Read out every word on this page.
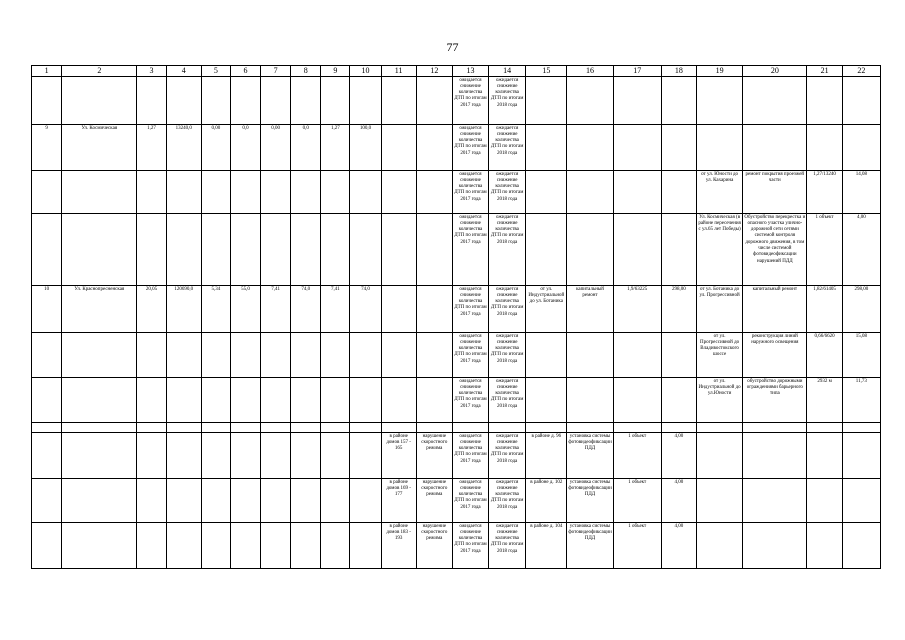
77
1	2	3	4	5	6	7	8	9	10	11	12	13	14	15	16	17	18	19	20	21	22
												ожидается снижение количества ДТП по итогам 2017 года	ожидается снижение количества ДТП по итогам 2018 года								
9	Ул. Космическая	1,27	13240,0	0,00	0,0	0,00	0,0	1,27	100,0			ожидается снижение количества ДТП по итогам 2017 года	ожидается снижение количества ДТП по итогам 2018 года								
												ожидается снижение количества ДТП по итогам 2017 года	ожидается снижение количества ДТП по итогам 2018 года					от ул. Юности до ул. Кахарина	ремонт покрытия проезжей части	1,27/13240	14,08
												ожидается снижение количества ДТП по итогам 2017 года	ожидается снижение количества ДТП по итогам 2018 года					Ул. Космическая (в районе пересечения с ул.65 лет Победы)	Обустройство перекрестка и опасного участка улично-дорожной сети сетями системой контроля дорожного движения, в том числе системой фотовидеофиксации нарушений ПДД	1 объект	4,00
10	Ул. Краснопресненская	20,05	120690,0	5,34	55,0	7,41	74,0	7,41	74,0			ожидается снижение количества ДТП по итогам 2017 года	ожидается снижение количества ДТП по итогам 2018 года	от ул. Индустриальной до ул. Ботаника	капитальный ремонт	1,9/63225	298,00	от ул. Ботаника до ул. Прогрессивной	капитальный ремонт	1,82/61405	298,00
												ожидается снижение количества ДТП по итогам 2017 года	ожидается снижение количества ДТП по итогам 2018 года					от ул. Прогрессивной до Владивостокского шоссе	реконструкция линий наружного освещения	0,66/6620	15,08
												ожидается снижение количества ДТП по итогам 2017 года	ожидается снижение количества ДТП по итогам 2018 года					от ул. Индустриальной до ул.Юности	обустройство дорожными ограждениями барьерного типа	2932 м	11,73

										в районе домов 157 - 165	нарушение скоростного режима	ожидается снижение количества ДТП по итогам 2017 года	ожидается снижение количества ДТП по итогам 2018 года	в районе д. 96	установка системы фотовидеофиксации ПДД	1 объект	4,00				
										в районе домов 169 - 177	нарушение скоростного режима	ожидается снижение количества ДТП по итогам 2017 года	ожидается снижение количества ДТП по итогам 2018 года	в районе д. 102	установка системы фотовидеофиксации ПДД	1 объект	4,00				
										в районе домов 183 - 193	нарушение скоростного режима	ожидается снижение количества ДТП по итогам 2017 года	ожидается снижение количества ДТП по итогам 2018 года	в районе д. 104	установка системы фотовидеофиксации ПДД	1 объект	4,00				
